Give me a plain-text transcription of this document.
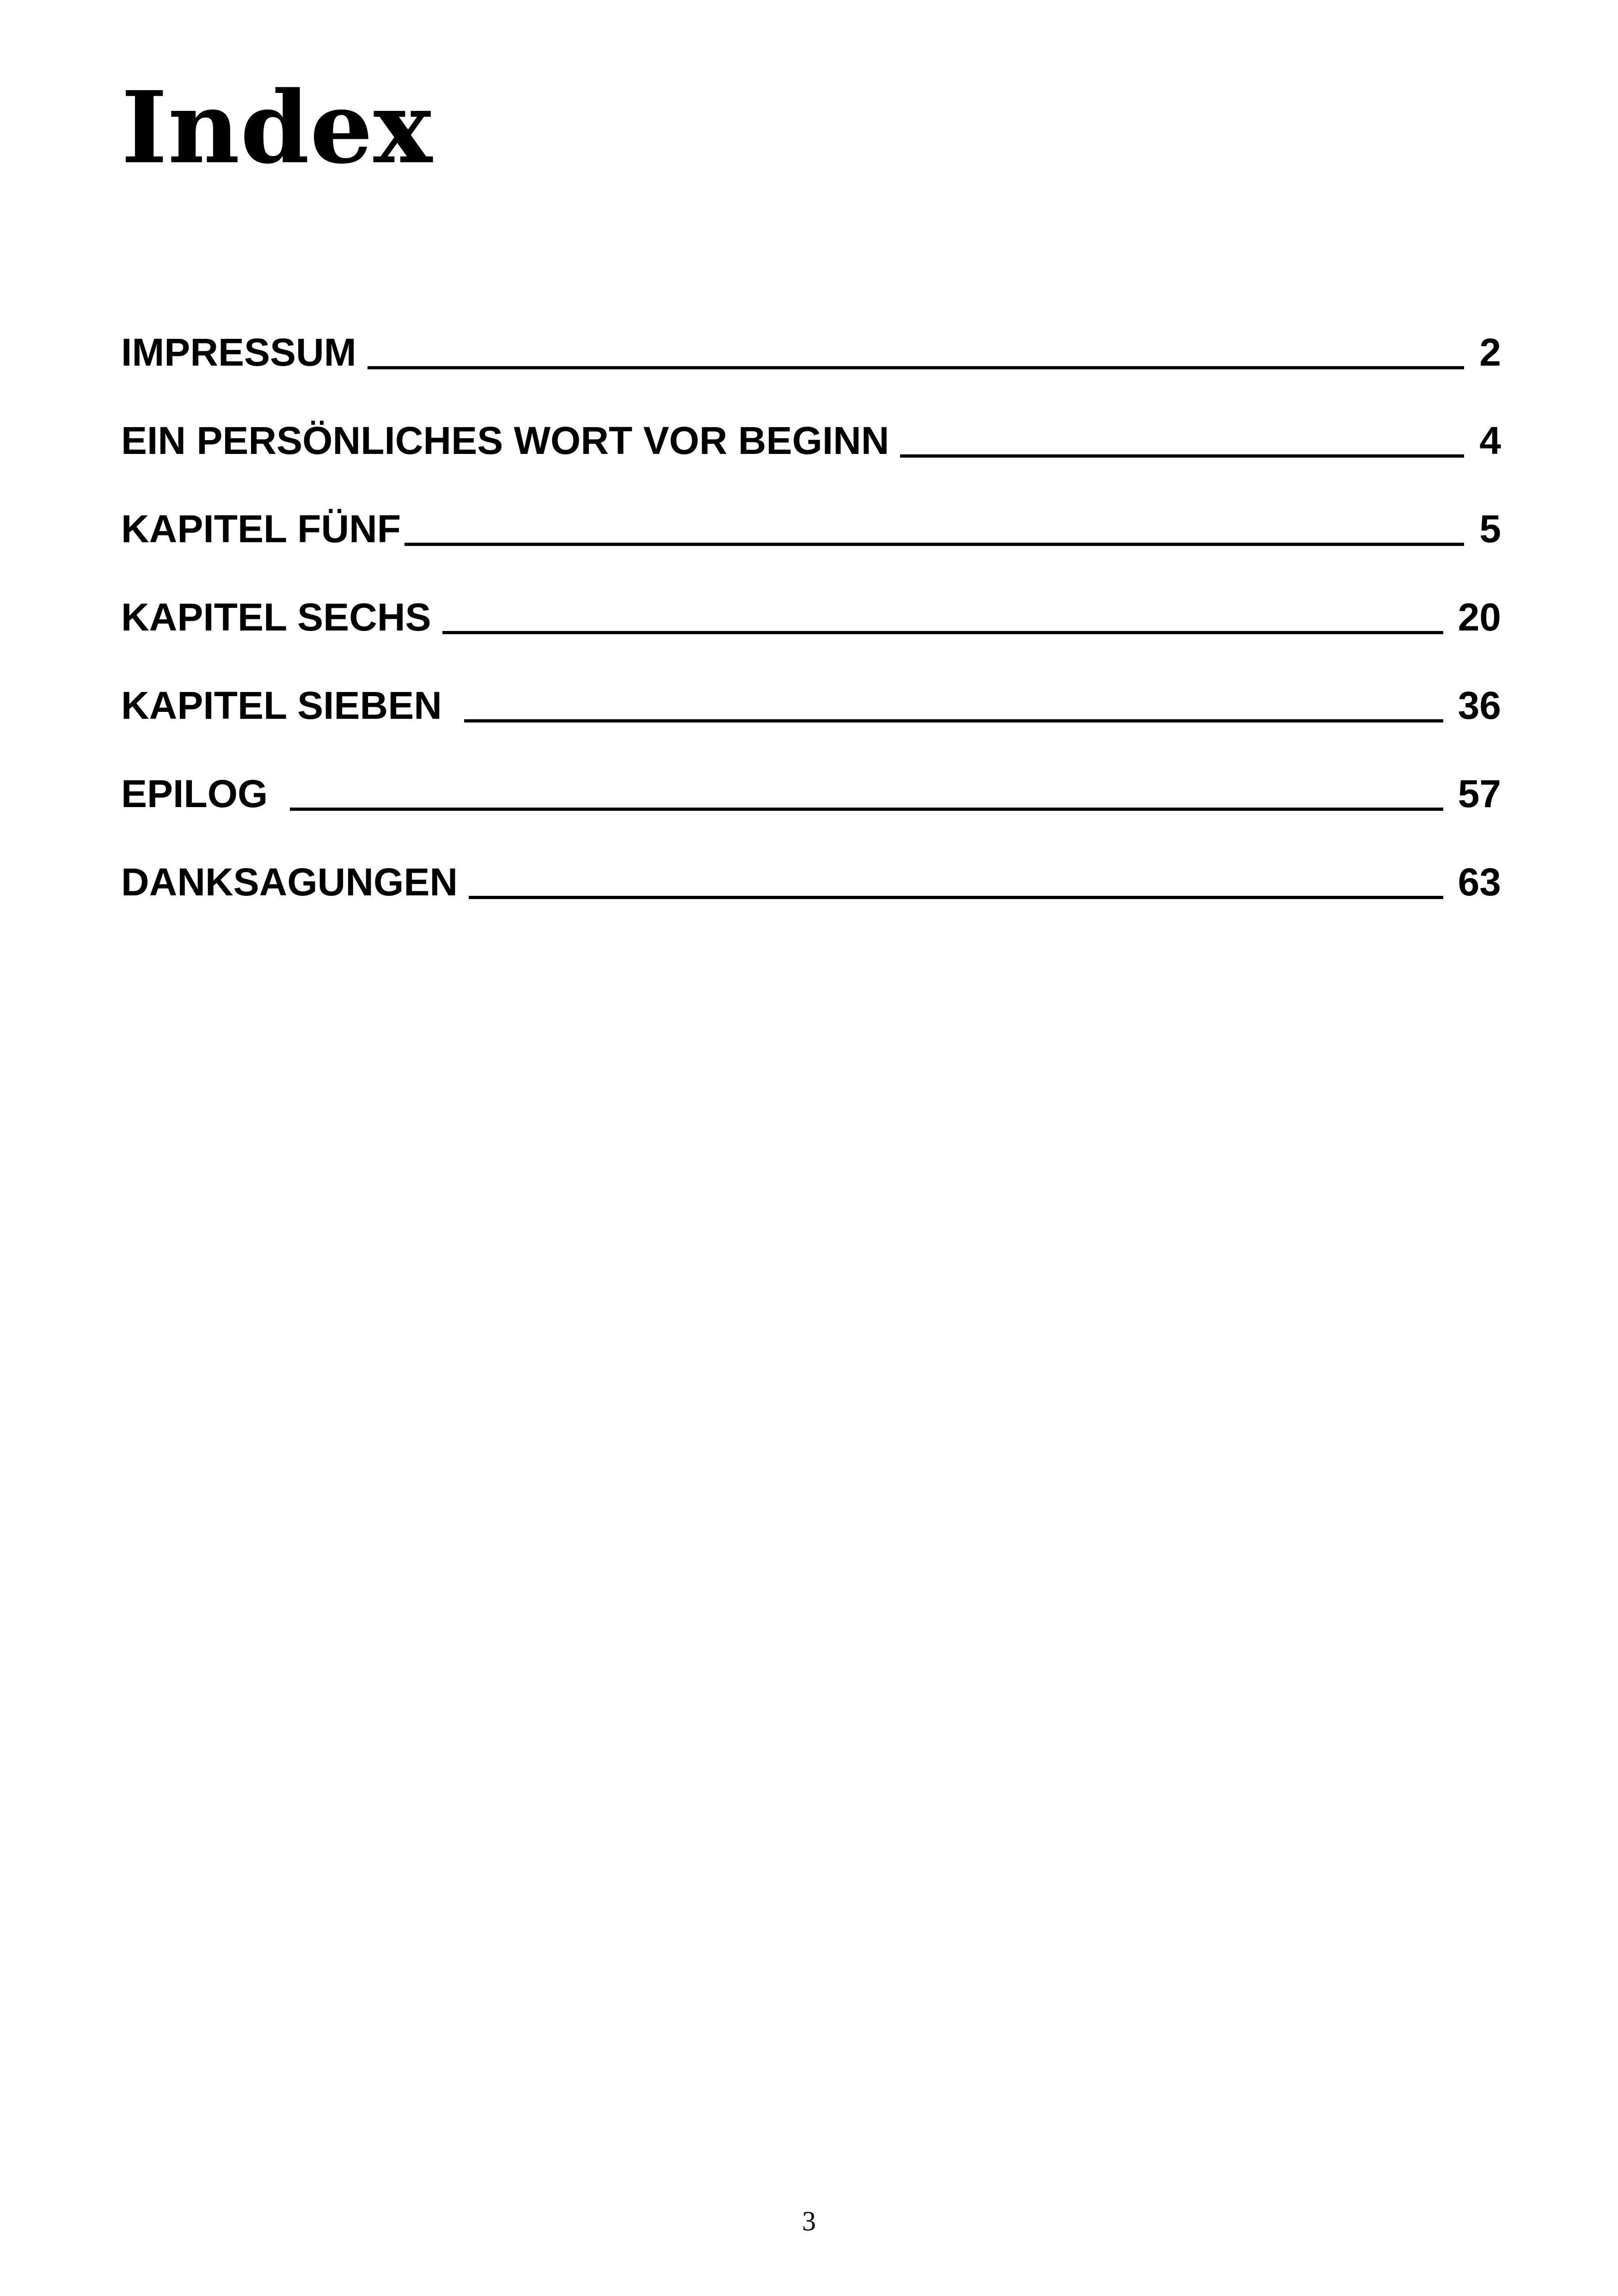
Index
IMPRESSUM	2
EIN PERSÖNLICHES WORT VOR BEGINN	4
KAPITEL FÜNF	5
KAPITEL SECHS	20
KAPITEL SIEBEN	36
EPILOG	57
DANKSAGUNGEN	63
3
